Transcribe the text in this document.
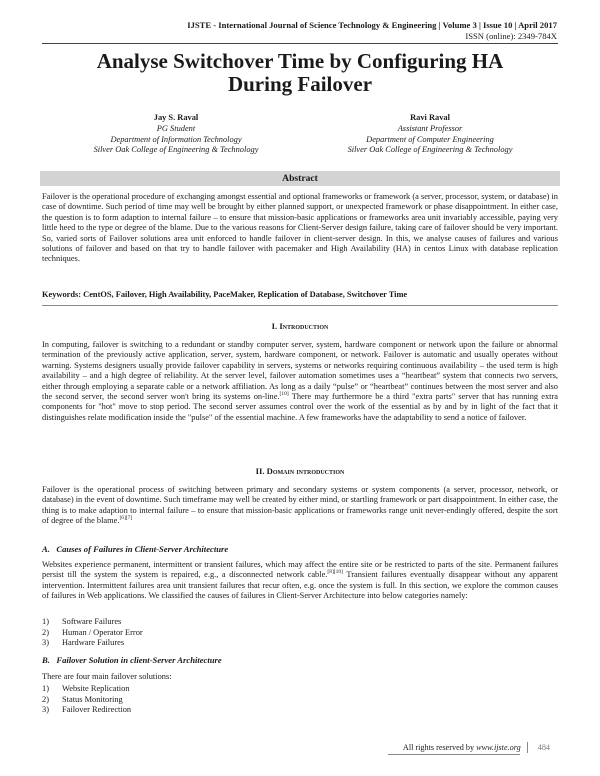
IJSTE - International Journal of Science Technology & Engineering | Volume 3 | Issue 10 | April 2017
ISSN (online): 2349-784X
Analyse Switchover Time by Configuring HA
During Failover
Jay S. Raval
PG Student
Department of Information Technology
Silver Oak College of Engineering & Technology
Ravi Raval
Assistant Professor
Department of Computer Engineering
Silver Oak College of Engineering & Technology
Abstract

Failover is the operational procedure of exchanging amongst essential and optional frameworks or framework (a server, processor, system, or database) in case of downtime. Such period of time may well be brought by either planned support, or unexpected framework or phase disappointment. In either case, the question is to form adaption to internal failure – to ensure that mission-basic applications or frameworks area unit invariably accessible, paying very little heed to the type or degree of the blame. Due to the various reasons for Client-Server design failure, taking care of failover should be very important. So, varied sorts of Failover solutions area unit enforced to handle failover in client-server design. In this, we analyse causes of failures and various solutions of failover and based on that try to handle failover with pacemaker and High Availability (HA) in centos Linux with database replication techniques.

Keywords: CentOS, Failover, High Availability, PaceMaker, Replication of Database, Switchover Time

I. Introduction

In computing, failover is switching to a redundant or standby computer server, system, hardware component or network upon the failure or abnormal termination of the previously active application, server, system, hardware component, or network. Failover is automatic and usually operates without warning. Systems designers usually provide failover capability in servers, systems or networks requiring continuous availability – the used term is high availability – and a high degree of reliability. At the server level, failover automation sometimes uses a “heartbeat” system that connects two servers, either through employing a separate cable or a network affiliation. As long as a daily “pulse” or “heartbeat” continues between the most server and also the second server, the second server won't bring its systems on-line.[10] There may furthermore be a third "extra parts" server that has running extra components for "hot" move to stop period. The second server assumes control over the work of the essential as by and by in light of the fact that it distinguishes relate modification inside the "pulse" of the essential machine. A few frameworks have the adaptability to send a notice of failover.

II. Domain introduction

Failover is the operational process of switching between primary and secondary systems or system components (a server, processor, network, or database) in the event of downtime. Such timeframe may well be created by either mind, or startling framework or part disappointment. In either case, the thing is to make adaption to internal failure – to ensure that mission-basic applications or frameworks range unit never-endingly offered, despite the sort of degree of the blame.[6][7]

A. Causes of Failures in Client-Server Architecture

Websites experience permanent, intermittent or transient failures, which may affect the entire site or be restricted to parts of the site. Permanent failures persist till the system the system is repaired, e.g., a disconnected network cable.[8][10] Transient failures eventually disappear without any apparent intervention. Intermittent failures area unit transient failures that recur often, e.g. once the system is full. In this section, we explore the common causes of failures in Web applications. We classified the causes of failures in Client-Server Architecture into below categories namely:

1) Software Failures
2) Human / Operator Error
3) Hardware Failures
B. Failover Solution in client-Server Architecture

There are four main failover solutions:

1) Website Replication
2) Status Monitoring
3) Failover Redirection
All rights reserved by www.ijste.org 484
